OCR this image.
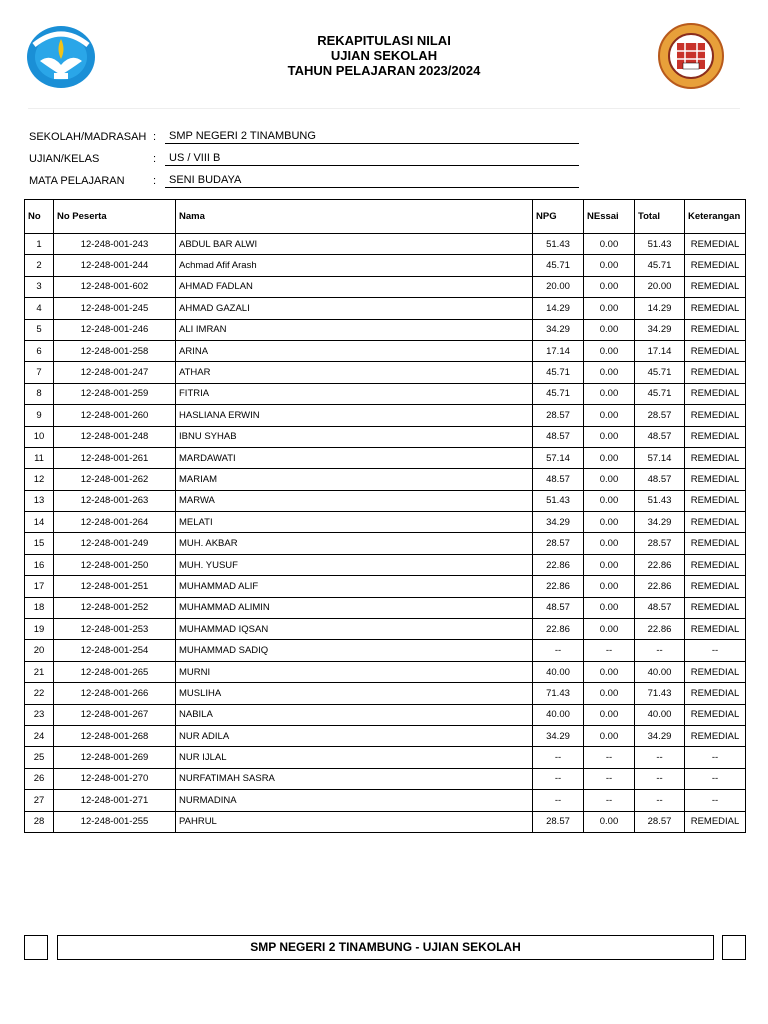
REKAPITULASI NILAI
UJIAN SEKOLAH
TAHUN PELAJARAN 2023/2024
SEKOLAH/MADRASAH :	SMP NEGERI 2 TINAMBUNG
UJIAN/KELAS	:	US / VIII B
MATA PELAJARAN	:	SENI BUDAYA
No	No Peserta	Nama	NPG	NEssai	Total	Keterangan
1	12-248-001-243	ABDUL BAR ALWI	51.43	0.00	51.43	REMEDIAL
2	12-248-001-244	Achmad Afif Arash	45.71	0.00	45.71	REMEDIAL
3	12-248-001-602	AHMAD FADLAN	20.00	0.00	20.00	REMEDIAL
4	12-248-001-245	AHMAD GAZALI	14.29	0.00	14.29	REMEDIAL
5	12-248-001-246	ALI IMRAN	34.29	0.00	34.29	REMEDIAL
6	12-248-001-258	ARINA	17.14	0.00	17.14	REMEDIAL
7	12-248-001-247	ATHAR	45.71	0.00	45.71	REMEDIAL
8	12-248-001-259	FITRIA	45.71	0.00	45.71	REMEDIAL
9	12-248-001-260	HASLIANA ERWIN	28.57	0.00	28.57	REMEDIAL
10	12-248-001-248	IBNU SYHAB	48.57	0.00	48.57	REMEDIAL
11	12-248-001-261	MARDAWATI	57.14	0.00	57.14	REMEDIAL
12	12-248-001-262	MARIAM	48.57	0.00	48.57	REMEDIAL
13	12-248-001-263	MARWA	51.43	0.00	51.43	REMEDIAL
14	12-248-001-264	MELATI	34.29	0.00	34.29	REMEDIAL
15	12-248-001-249	MUH. AKBAR	28.57	0.00	28.57	REMEDIAL
16	12-248-001-250	MUH. YUSUF	22.86	0.00	22.86	REMEDIAL
17	12-248-001-251	MUHAMMAD ALIF	22.86	0.00	22.86	REMEDIAL
18	12-248-001-252	MUHAMMAD ALIMIN	48.57	0.00	48.57	REMEDIAL
19	12-248-001-253	MUHAMMAD IQSAN	22.86	0.00	22.86	REMEDIAL
20	12-248-001-254	MUHAMMAD SADIQ	--	--	--	--
21	12-248-001-265	MURNI	40.00	0.00	40.00	REMEDIAL
22	12-248-001-266	MUSLIHA	71.43	0.00	71.43	REMEDIAL
23	12-248-001-267	NABILA	40.00	0.00	40.00	REMEDIAL
24	12-248-001-268	NUR ADILA	34.29	0.00	34.29	REMEDIAL
25	12-248-001-269	NUR IJLAL	--	--	--	--
26	12-248-001-270	NURFATIMAH SASRA	--	--	--	--
27	12-248-001-271	NURMADINA	--	--	--	--
28	12-248-001-255	PAHRUL	28.57	0.00	28.57	REMEDIAL
SMP NEGERI 2 TINAMBUNG - UJIAN SEKOLAH
